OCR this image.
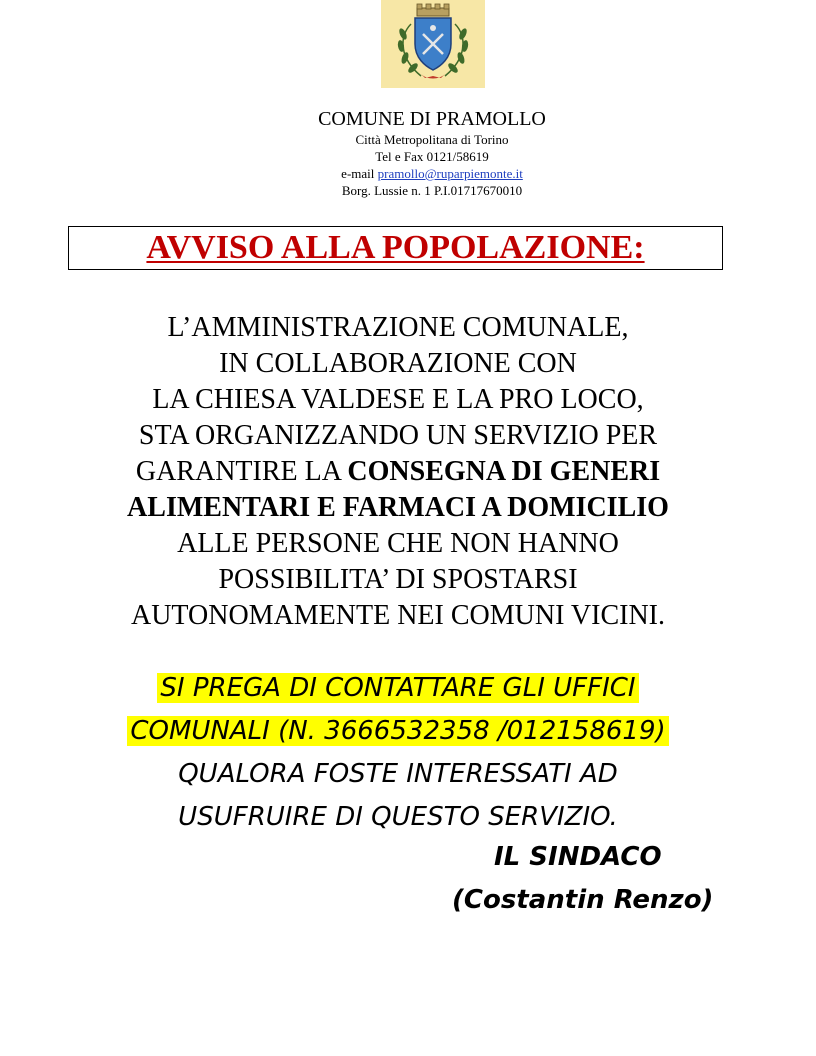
COMUNE DI PRAMOLLO
Città Metropolitana di Torino
Tel e Fax 0121/58619
e-mail pramollo@ruparpiemonte.it
Borg. Lussie n. 1 P.I.01717670010
AVVISO ALLA POPOLAZIONE:
L’AMMINISTRAZIONE COMUNALE,
IN COLLABORAZIONE CON
LA CHIESA VALDESE E LA PRO LOCO,
STA ORGANIZZANDO UN SERVIZIO PER
GARANTIRE LA CONSEGNA DI GENERI
ALIMENTARI E FARMACI A DOMICILIO
ALLE PERSONE CHE NON HANNO
POSSIBILITA’ DI SPOSTARSI
AUTONOMAMENTE NEI COMUNI VICINI.
SI PREGA DI CONTATTARE GLI UFFICI
COMUNALI (N. 3666532358 /012158619)
QUALORA FOSTE INTERESSATI AD
USUFRUIRE DI QUESTO SERVIZIO.
IL SINDACO
(Costantin Renzo)
